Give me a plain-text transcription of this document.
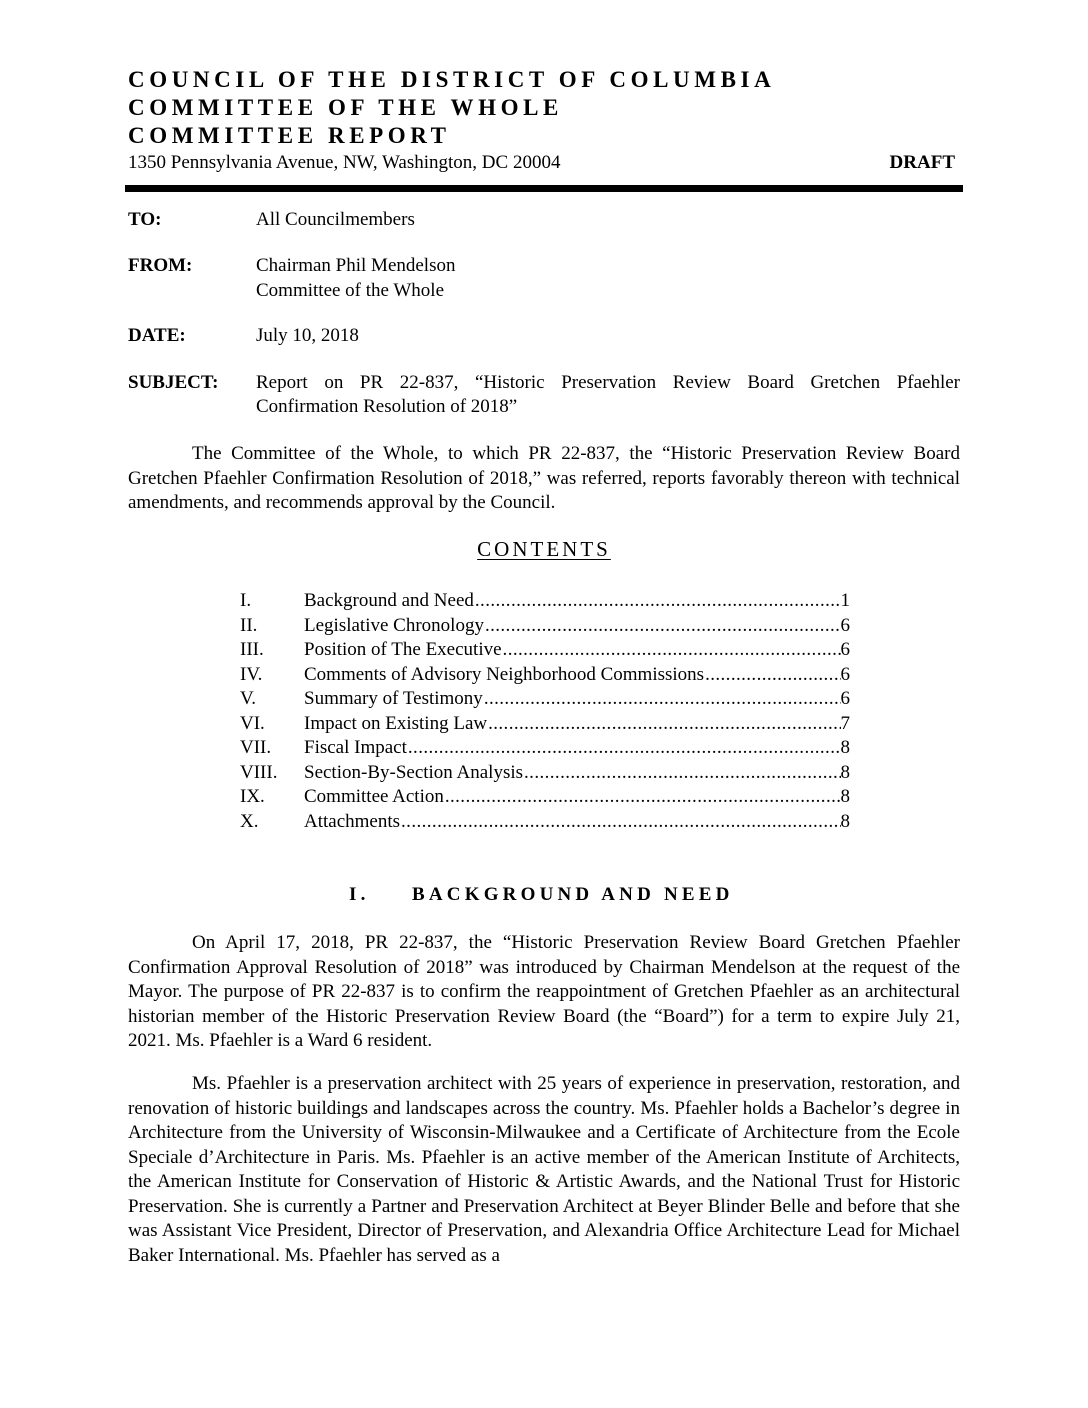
COUNCIL OF THE DISTRICT OF COLUMBIA
COMMITTEE OF THE WHOLE
COMMITTEE REPORT
1350 Pennsylvania Avenue, NW, Washington, DC 20004	DRAFT
TO:	All Councilmembers
FROM:	Chairman Phil Mendelson
Committee of the Whole
DATE:	July 10, 2018
SUBJECT: Report on PR 22-837, “Historic Preservation Review Board Gretchen Pfaehler Confirmation Resolution of 2018”
The Committee of the Whole, to which PR 22-837, the “Historic Preservation Review Board Gretchen Pfaehler Confirmation Resolution of 2018,” was referred, reports favorably thereon with technical amendments, and recommends approval by the Council.
CONTENTS
I.	Background and Need .....	1
II.	Legislative Chronology .....	6
III.	Position of The Executive .....	6
IV.	Comments of Advisory Neighborhood Commissions .....	6
V.	Summary of Testimony .....	6
VI.	Impact on Existing Law .....	7
VII.	Fiscal Impact .....	8
VIII.	Section-By-Section Analysis .....	8
IX.	Committee Action .....	8
X.	Attachments .....	8
I. BACKGROUND AND NEED
On April 17, 2018, PR 22-837, the “Historic Preservation Review Board Gretchen Pfaehler Confirmation Approval Resolution of 2018” was introduced by Chairman Mendelson at the request of the Mayor. The purpose of PR 22-837 is to confirm the reappointment of Gretchen Pfaehler as an architectural historian member of the Historic Preservation Review Board (the “Board”) for a term to expire July 21, 2021. Ms. Pfaehler is a Ward 6 resident.
Ms. Pfaehler is a preservation architect with 25 years of experience in preservation, restoration, and renovation of historic buildings and landscapes across the country. Ms. Pfaehler holds a Bachelor’s degree in Architecture from the University of Wisconsin-Milwaukee and a Certificate of Architecture from the Ecole Speciale d’Architecture in Paris. Ms. Pfaehler is an active member of the American Institute of Architects, the American Institute for Conservation of Historic & Artistic Awards, and the National Trust for Historic Preservation. She is currently a Partner and Preservation Architect at Beyer Blinder Belle and before that she was Assistant Vice President, Director of Preservation, and Alexandria Office Architecture Lead for Michael Baker International. Ms. Pfaehler has served as a
